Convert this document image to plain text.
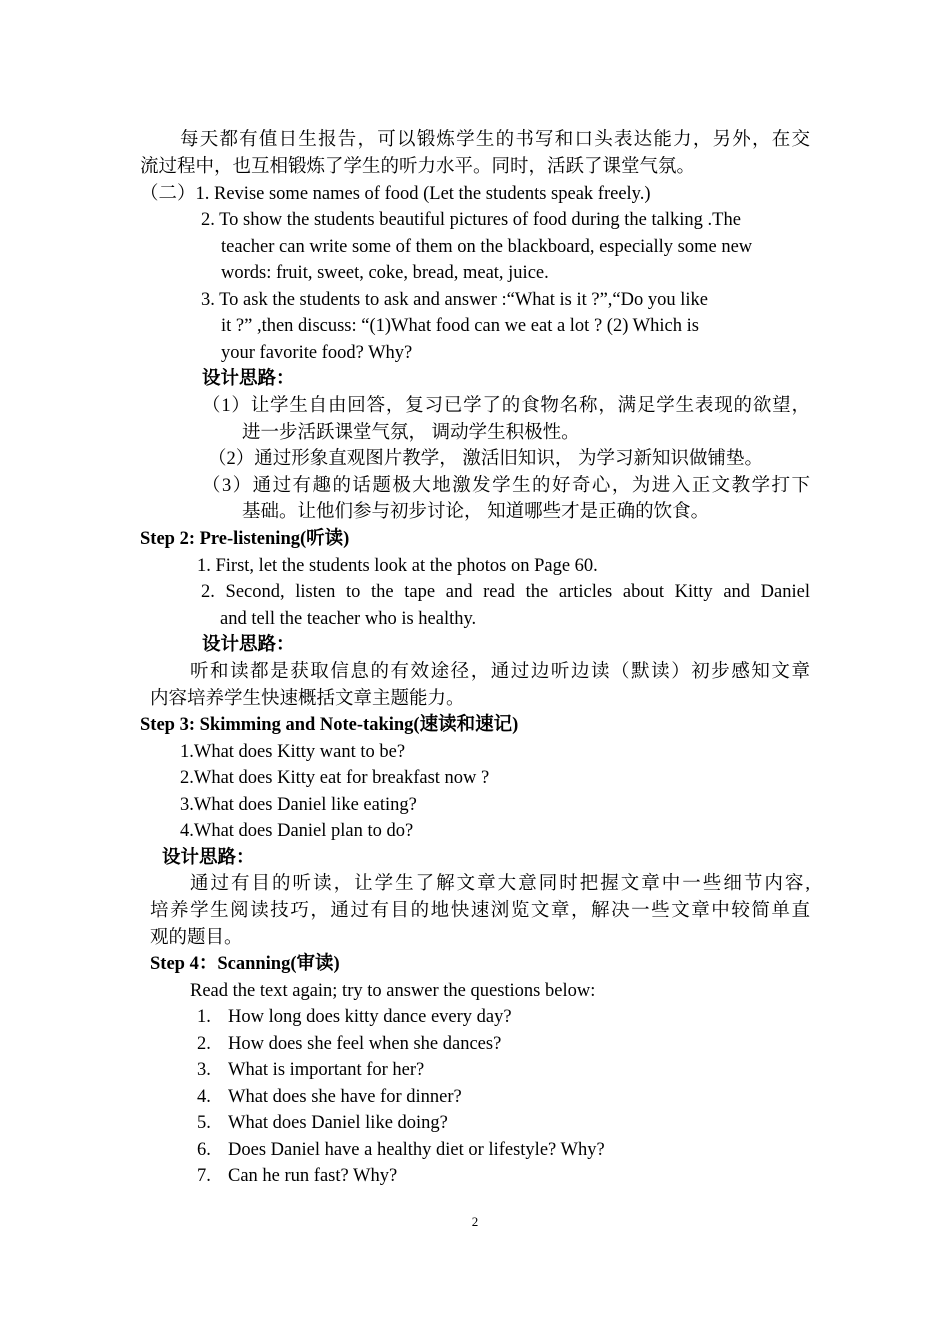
每天都有值日生报告，可以锻炼学生的书写和口头表达能力，另外，在交
流过程中，也互相锻炼了学生的听力水平。同时，活跃了课堂气氛。
（二）1. Revise some names of food (Let the students speak freely.)
2. To show the students beautiful pictures of food during the talking .The
teacher can write some of them on the blackboard, especially some new
words: fruit, sweet, coke, bread, meat, juice.
3. To ask the students to ask and answer :“What is it ?”,“Do you like
it ?” ,then discuss: “(1)What food can we eat a lot ? (2) Which is
your favorite food? Why?
设计思路：
（1）让学生自由回答，复习已学了的食物名称，满足学生表现的欲望，
进一步活跃课堂气氛， 调动学生积极性。
（2）通过形象直观图片教学， 激活旧知识， 为学习新知识做铺垫。
（3）通过有趣的话题极大地激发学生的好奇心，为进入正文教学打下
基础。让他们参与初步讨论， 知道哪些才是正确的饮食。
Step 2: Pre-listening(听读)
1. First, let the students look at the photos on Page 60.
2. Second, listen to the tape and read the articles about Kitty and Daniel
and tell the teacher who is healthy.
设计思路：
听和读都是获取信息的有效途径，通过边听边读（默读）初步感知文章
内容培养学生快速概括文章主题能力。
Step 3: Skimming and Note-taking(速读和速记)
1.What does Kitty want to be?
2.What does Kitty eat for breakfast now ?
3.What does Daniel like eating?
4.What does Daniel plan to do?
设计思路：
通过有目的听读，让学生了解文章大意同时把握文章中一些细节内容,
培养学生阅读技巧，通过有目的地快速浏览文章，解决一些文章中较简单直
观的题目。
Step 4：Scanning(审读)
Read the text again; try to answer the questions below:
1. How long does kitty dance every day?
2. How does she feel when she dances?
3. What is important for her?
4. What does she have for dinner?
5. What does Daniel like doing?
6. Does Daniel have a healthy diet or lifestyle? Why?
7. Can he run fast? Why?
2
